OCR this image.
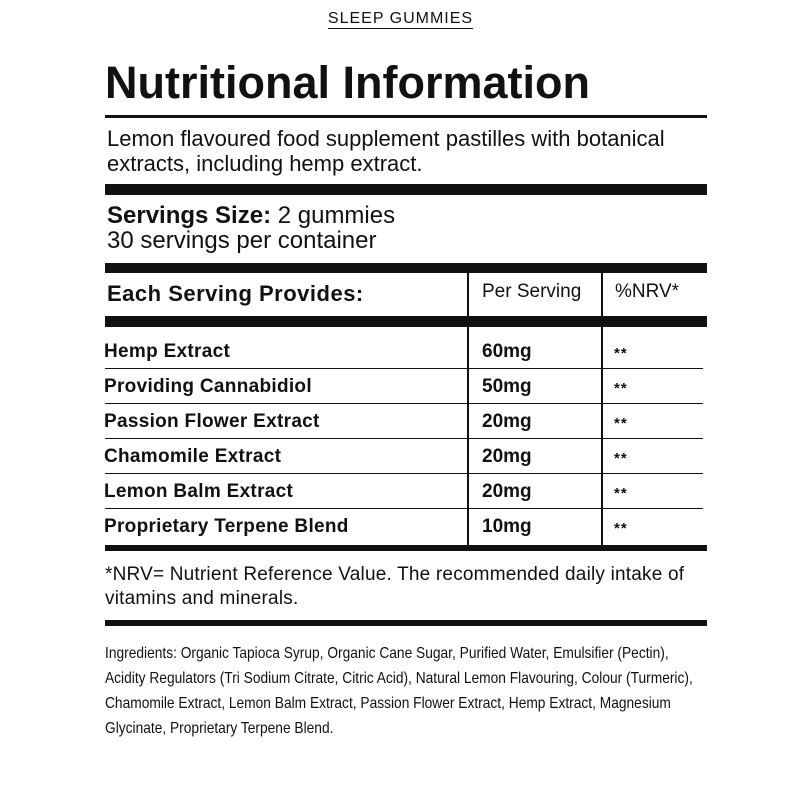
SLEEP GUMMIES
Nutritional Information
Lemon flavoured food supplement pastilles with botanical extracts, including hemp extract.
Servings Size: 2 gummies
30 servings per container
Each Serving Provides:	Per Serving %NRV*
Hemp Extract	60mg	**
Providing Cannabidiol	50mg	**
Passion Flower Extract	20mg	**
Chamomile Extract	20mg	**
Lemon Balm Extract	20mg	**
Proprietary Terpene Blend	10mg	**
*NRV= Nutrient Reference Value. The recommended daily intake of vitamins and minerals.
Ingredients: Organic Tapioca Syrup, Organic Cane Sugar, Purified Water, Emulsifier (Pectin), Acidity Regulators (Tri Sodium Citrate, Citric Acid), Natural Lemon Flavouring, Colour (Turmeric), Chamomile Extract, Lemon Balm Extract, Passion Flower Extract, Hemp Extract, Magnesium Glycinate, Proprietary Terpene Blend.
